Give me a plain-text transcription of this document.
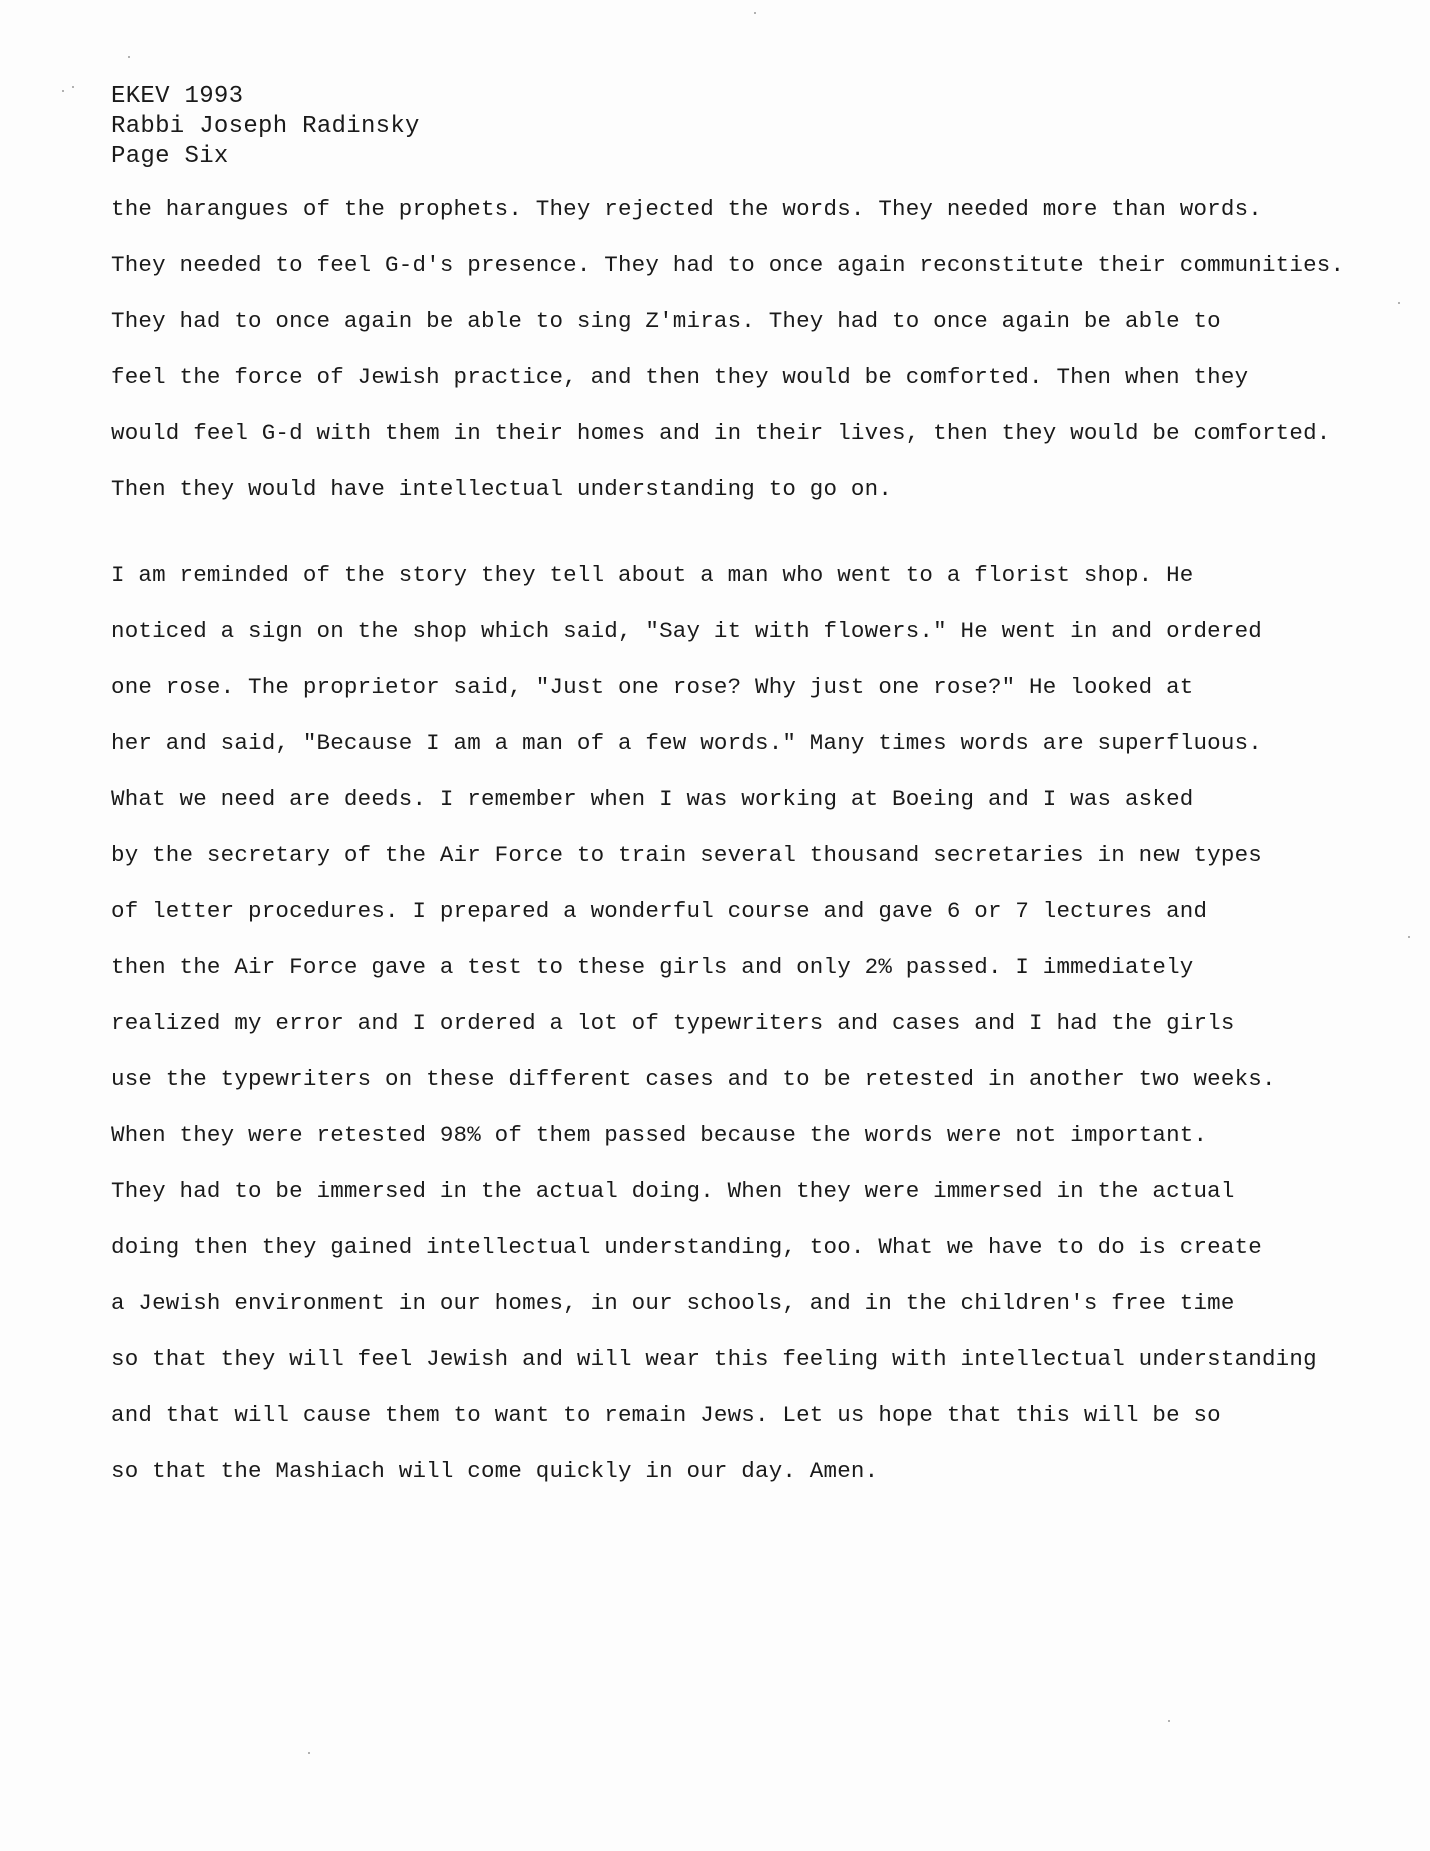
EKEV 1993
Rabbi Joseph Radinsky
Page Six
the harangues of the prophets. They rejected the words. They needed more than words.
They needed to feel G-d's presence. They had to once again reconstitute their communities.
They had to once again be able to sing Z'miras. They had to once again be able to
feel the force of Jewish practice, and then they would be comforted. Then when they
would feel G-d with them in their homes and in their lives, then they would be comforted.
Then they would have intellectual understanding to go on.
I am reminded of the story they tell about a man who went to a florist shop. He
noticed a sign on the shop which said, "Say it with flowers." He went in and ordered
one rose. The proprietor said, "Just one rose? Why just one rose?" He looked at
her and said, "Because I am a man of a few words." Many times words are superfluous.
What we need are deeds. I remember when I was working at Boeing and I was asked
by the secretary of the Air Force to train several thousand secretaries in new types
of letter procedures. I prepared a wonderful course and gave 6 or 7 lectures and
then the Air Force gave a test to these girls and only 2% passed. I immediately
realized my error and I ordered a lot of typewriters and cases and I had the girls
use the typewriters on these different cases and to be retested in another two weeks.
When they were retested 98% of them passed because the words were not important.
They had to be immersed in the actual doing. When they were immersed in the actual
doing then they gained intellectual understanding, too. What we have to do is create
a Jewish environment in our homes, in our schools, and in the children's free time
so that they will feel Jewish and will wear this feeling with intellectual understanding
and that will cause them to want to remain Jews. Let us hope that this will be so
so that the Mashiach will come quickly in our day. Amen.
